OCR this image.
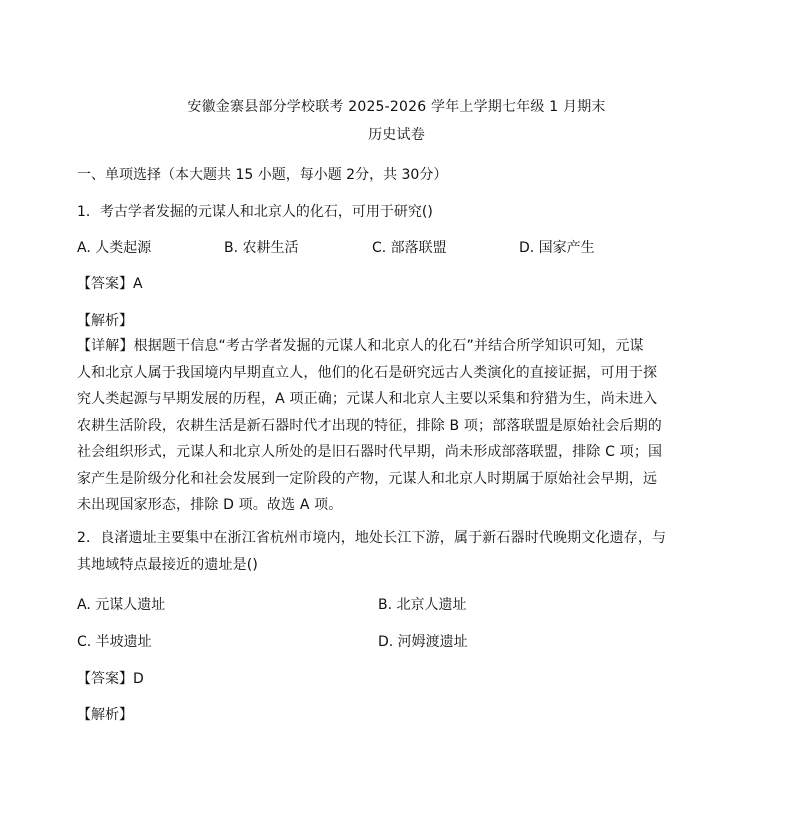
安徽金寨县部分学校联考 2025-2026 学年上学期七年级 1 月期末
历史试卷
一、单项选择（本大题共 15 小题，每小题 2分，共 30分）
1．考古学者发掘的元谋人和北京人的化石，可用于研究()
A. 人类起源	B. 农耕生活	C. 部落联盟	D. 国家产生
【答案】A
【解析】
【详解】根据题干信息“考古学者发掘的元谋人和北京人的化石”并结合所学知识可知，元谋
人和北京人属于我国境内早期直立人，他们的化石是研究远古人类演化的直接证据，可用于探
究人类起源与早期发展的历程，A 项正确；元谋人和北京人主要以采集和狩猎为生，尚未进入
农耕生活阶段，农耕生活是新石器时代才出现的特征，排除 B 项；部落联盟是原始社会后期的
社会组织形式，元谋人和北京人所处的是旧石器时代早期，尚未形成部落联盟，排除 C 项；国
家产生是阶级分化和社会发展到一定阶段的产物，元谋人和北京人时期属于原始社会早期，远
未出现国家形态，排除 D 项。故选 A 项。
2．良渚遗址主要集中在浙江省杭州市境内，地处长江下游，属于新石器时代晚期文化遗存，与
其地域特点最接近的遗址是()
A. 元谋人遗址	B. 北京人遗址
C. 半坡遗址	D. 河姆渡遗址
【答案】D
【解析】
